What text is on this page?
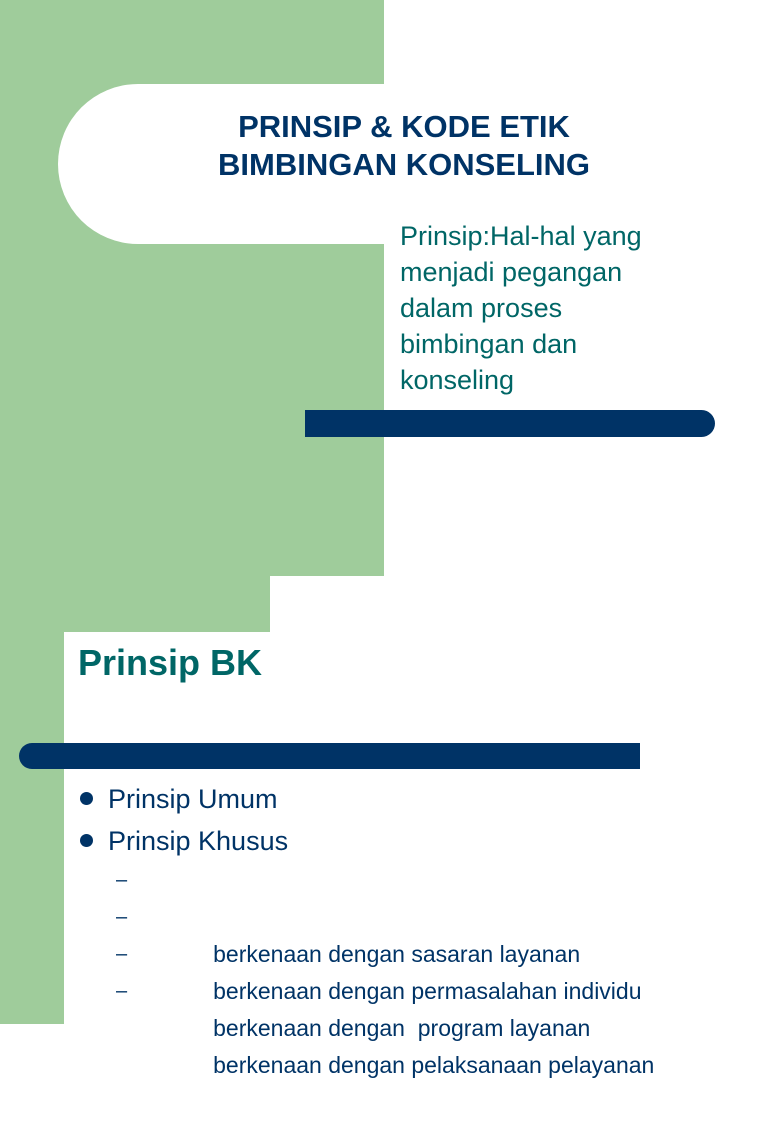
PRINSIP & KODE ETIK
BIMBINGAN KONSELING
Prinsip:Hal-hal yang
menjadi pegangan
dalam proses
bimbingan dan
konseling
Prinsip BK
Prinsip Umum
Prinsip Khusus

–

berkenaan dengan sasaran layanan

–

berkenaan dengan permasalahan individu

–

berkenaan dengan  program layanan

–

berkenaan dengan pelaksanaan pelayanan
